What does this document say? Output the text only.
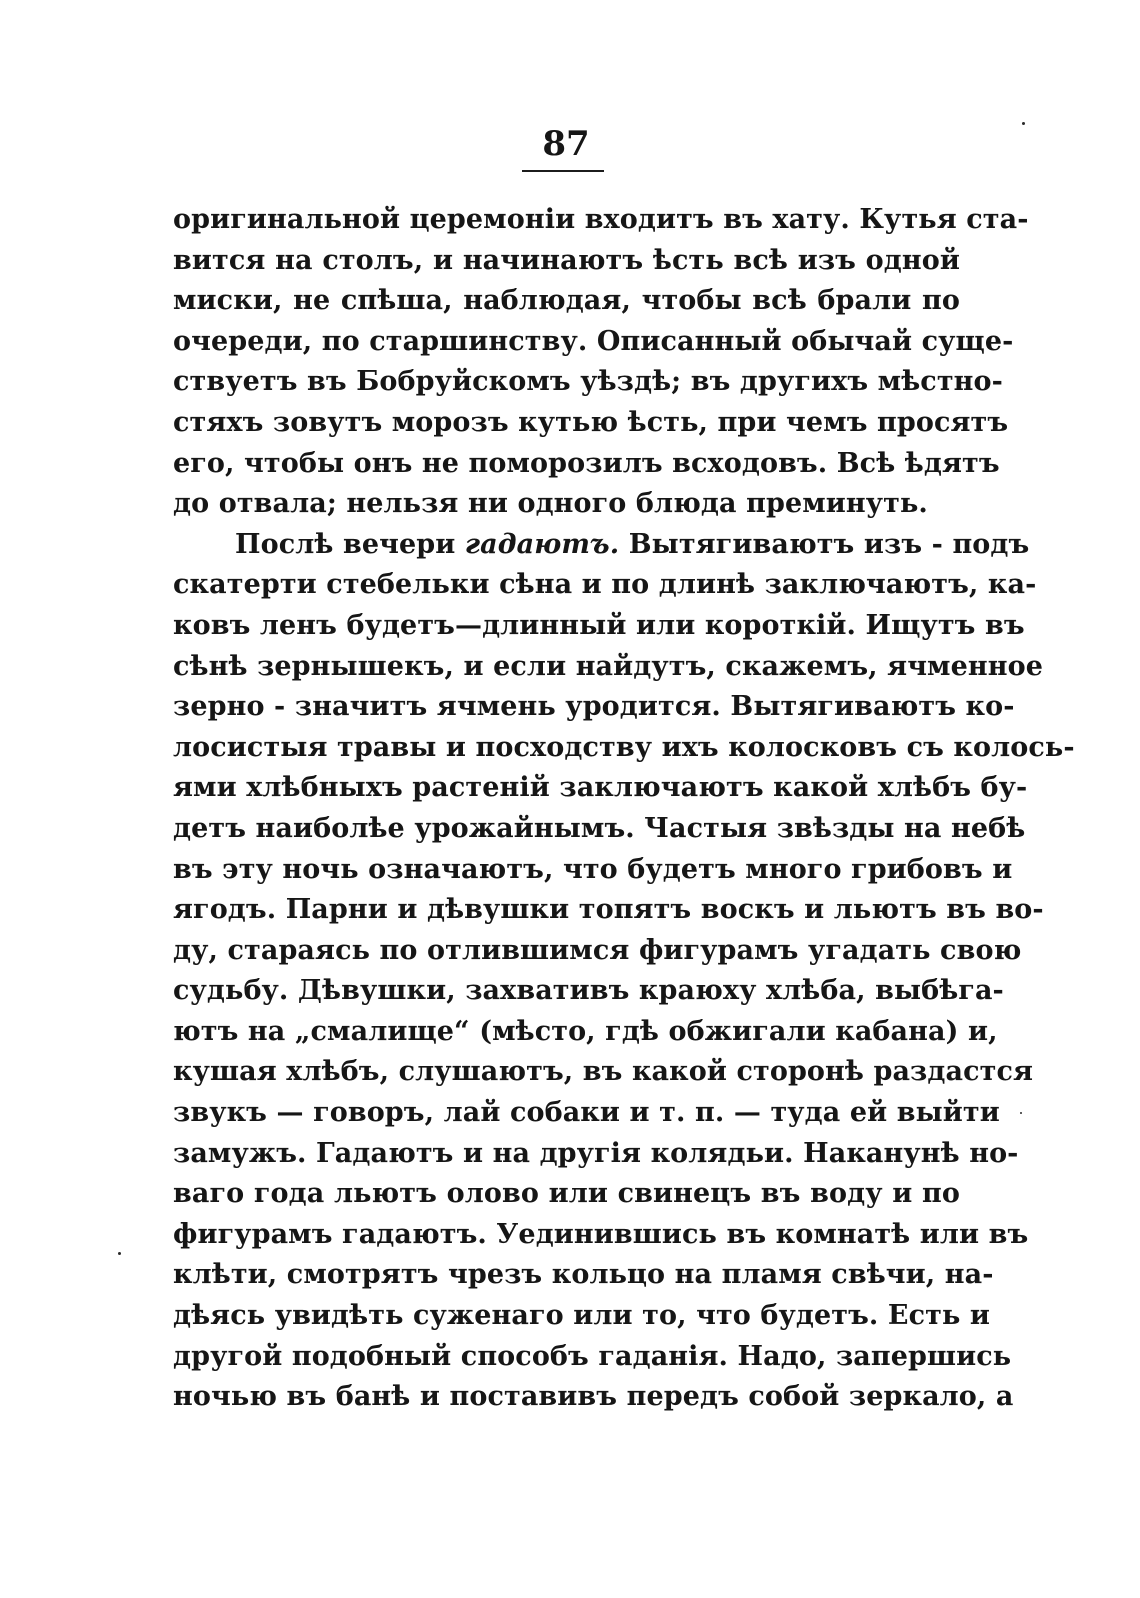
87
оригинальной церемоніи входитъ въ хату. Кутья ста-
вится на столъ, и начинаютъ ѣсть всѣ изъ одной
миски, не спѣша, наблюдая, чтобы всѣ брали по
очереди, по старшинству. Описанный обычай суще-
ствуетъ въ Бобруйскомъ уѣздѣ; въ другихъ мѣстно-
стяхъ зовутъ морозъ кутью ѣсть, при чемъ просятъ
его, чтобы онъ не поморозилъ всходовъ. Всѣ ѣдятъ
до отвала; нельзя ни одного блюда преминуть.
Послѣ вечери гадаютъ. Вытягиваютъ изъ - подъ
скатерти стебельки сѣна и по длинѣ заключаютъ, ка-
ковъ ленъ будетъ—длинный или короткій. Ищутъ въ
сѣнѣ зернышекъ, и если найдутъ, скажемъ, ячменное
зерно - значитъ ячмень уродится. Вытягиваютъ ко-
лосистыя травы и посходству ихъ колосковъ съ колось-
ями хлѣбныхъ растеній заключаютъ какой хлѣбъ бу-
детъ наиболѣе урожайнымъ. Частыя звѣзды на небѣ
въ эту ночь означаютъ, что будетъ много грибовъ и
ягодъ. Парни и дѣвушки топятъ воскъ и льютъ въ во-
ду, стараясь по отлившимся фигурамъ угадать свою
судьбу. Дѣвушки, захвативъ краюху хлѣба, выбѣга-
ютъ на „смалище“ (мѣсто, гдѣ обжигали кабана) и,
кушая хлѣбъ, слушаютъ, въ какой сторонѣ раздастся
звукъ — говоръ, лай собаки и т. п. — туда ей выйти
замужъ. Гадаютъ и на другія колядьи. Наканунѣ но-
ваго года льютъ олово или свинецъ въ воду и по
фигурамъ гадаютъ. Уединившись въ комнатѣ или въ
клѣти, смотрятъ чрезъ кольцо на пламя свѣчи, на-
дѣясь увидѣть суженаго или то, что будетъ. Есть и
другой подобный способъ гаданія. Надо, запершись
ночью въ банѣ и поставивъ передъ собой зеркало, а
